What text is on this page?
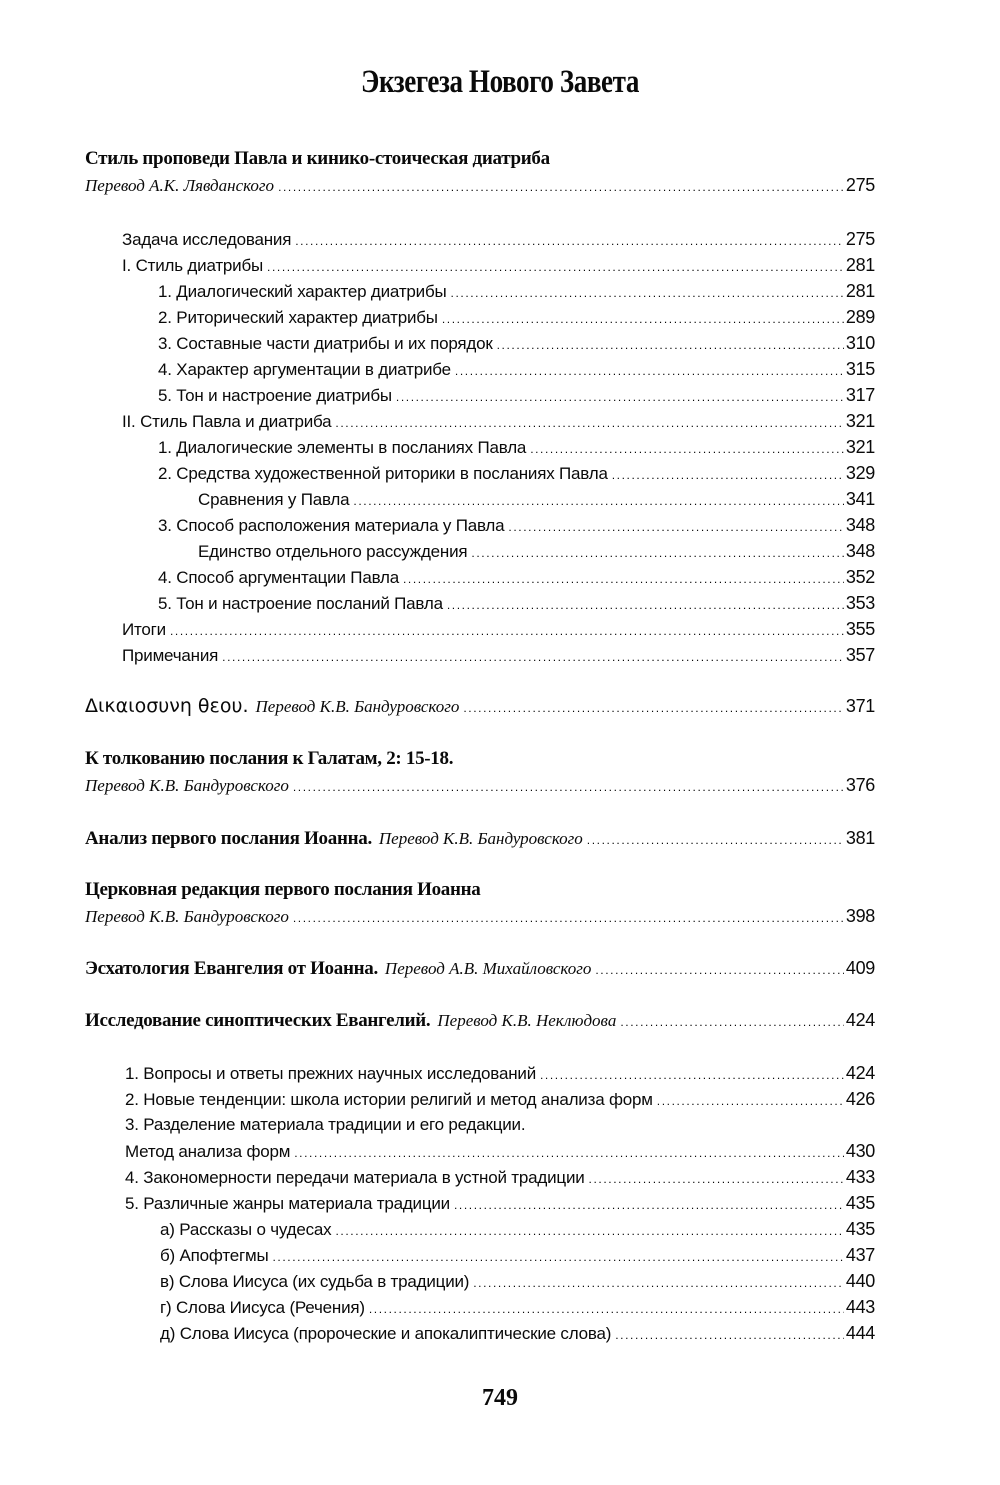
Экзегеза Нового Завета
Стиль проповеди Павла и кинико-стоическая диатриба
Перевод А.К. Лявданского .....	275
Задача исследования .....	275
I. Стиль диатрибы .....	281
1. Диалогический характер диатрибы .....	281
2. Риторический характер диатрибы .....	289
3. Составные части диатрибы и их порядок .....	310
4. Характер аргументации в диатрибе .....	315
5. Тон и настроение диатрибы .....	317
II. Стиль Павла и диатриба .....	321
1. Диалогические элементы в посланиях Павла .....	321
2. Средства художественной риторики в посланиях Павла .....	329
Сравнения у Павла .....	341
3. Способ расположения материала у Павла .....	348
Единство отдельного рассуждения .....	348
4. Способ аргументации Павла .....	352
5. Тон и настроение посланий Павла .....	353
Итоги .....	355
Примечания .....	357
Δικαιοσυνη θεου. Перевод К.В. Бандуровского .....	371
К толкованию послания к Галатам, 2: 15-18.
Перевод К.В. Бандуровского .....	376
Анализ первого послания Иоанна. Перевод К.В. Бандуровского .....	381
Церковная редакция первого послания Иоанна
Перевод К.В. Бандуровского .....	398
Эсхатология Евангелия от Иоанна. Перевод А.В. Михайловского .....	409
Исследование синоптических Евангелий. Перевод К.В. Неклюдова .....	424
1. Вопросы и ответы прежних научных исследований .....	424
2. Новые тенденции: школа истории религий и метод анализа форм .....	426
3. Разделение материала традиции и его редакции.
Метод анализа форм .....	430
4. Закономерности передачи материала в устной традиции .....	433
5. Различные жанры материала традиции .....	435
а) Рассказы о чудесах .....	435
б) Апофтегмы .....	437
в) Слова Иисуса (их судьба в традиции) .....	440
г) Слова Иисуса (Речения) .....	443
д) Слова Иисуса (пророческие и апокалиптические слова) .....	444
749
